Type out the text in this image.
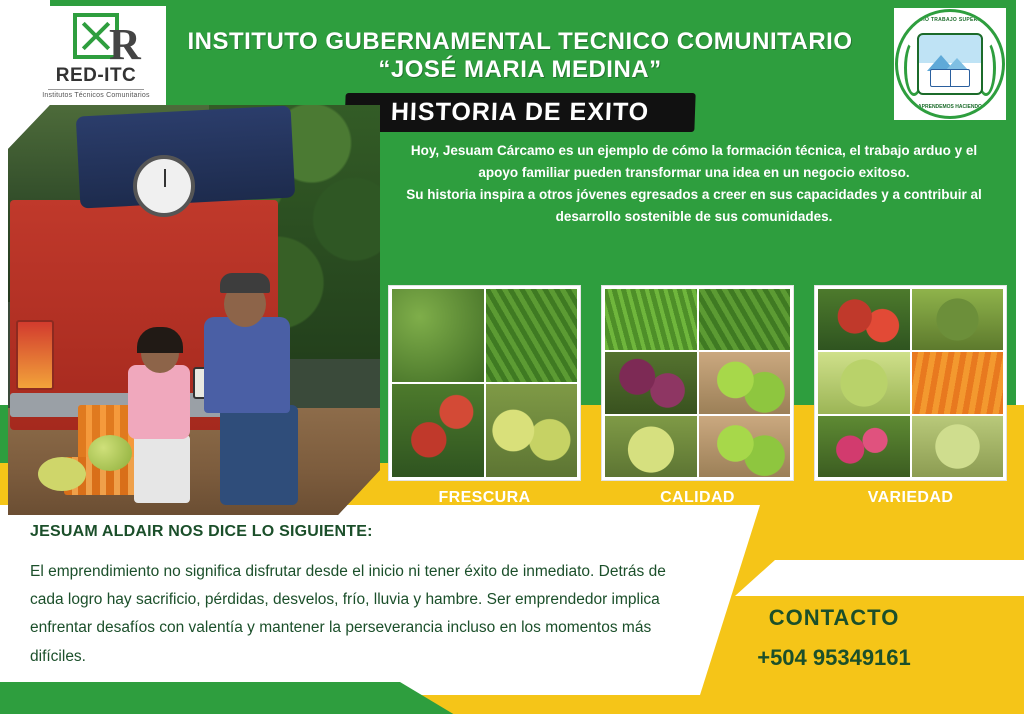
R
RED-ITC
Institutos Técnicos Comunitarios
INSTITUTO GUBERNAMENTAL TECNICO COMUNITARIO
“JOSÉ MARIA MEDINA”
HISTORIA DE EXITO
ESTUDIO TRABAJO SUPERACION
APRENDEMOS HACIENDO

Hoy, Jesuam Cárcamo es un ejemplo de cómo la formación técnica, el trabajo arduo y el apoyo familiar pueden transformar una idea en un negocio exitoso.

Su historia inspira a otros jóvenes egresados a creer en sus capacidades y a contribuir al desarrollo sostenible de sus comunidades.

FRESCURA	CALIDAD	VARIEDAD
JESUAM ALDAIR NOS DICE LO SIGUIENTE:

El emprendimiento no significa disfrutar desde el inicio ni tener éxito de inmediato. Detrás de cada logro hay sacrificio, pérdidas, desvelos, frío, lluvia y hambre. Ser emprendedor implica enfrentar desafíos con valentía y mantener la perseverancia incluso en los momentos más difíciles.

CONTACTO
+504 95349161
